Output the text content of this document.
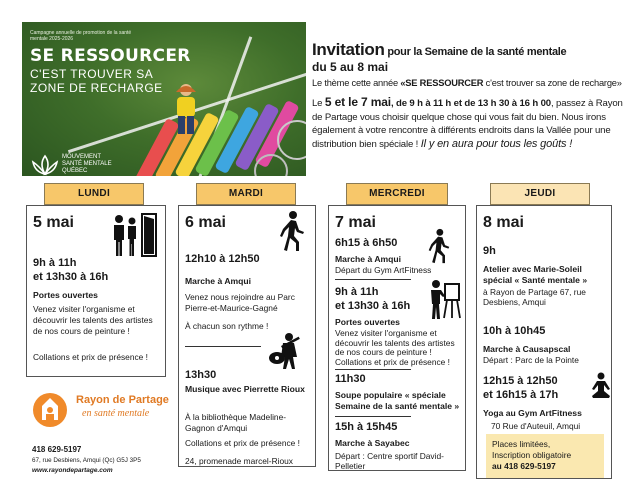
Campagne annuelle de promotion de la santé mentale 2025-2026
SE RESSOURCER
C'EST TROUVER SA
ZONE DE RECHARGE
MOUVEMENT SANTÉ MENTALE QUÉBEC
Invitation pour la Semaine de la santé mentale
du 5 au 8 mai
Le thème cette année «SE RESSOURCER c'est trouver sa zone de recharge»
Le 5 et le 7 mai, de 9 h à 11 h et de 13 h 30 à 16 h 00, passez à Rayon de Partage vous choisir quelque chose qui vous fait du bien. Nous irons également à votre rencontre à différents endroits dans la Vallée pour une distribution bien spéciale ! Il y en aura pour tous les goûts !
LUNDI
5 mai
9h à 11h
et 13h30 à 16h
Portes ouvertes
Venez visiter l'organisme et découvrir les talents des artistes de nos cours de peinture !
Collations et prix de présence !
MARDI
6 mai
12h10 à 12h50
Marche à Amqui
Venez nous rejoindre au Parc Pierre-et-Maurice-Gagné
À chacun son rythme !
13h30
Musique avec Pierrette Rioux
À la bibliothèque Madeline-Gagnon d'Amqui
Collations et prix de présence !
24, promenade marcel-Rioux
MERCREDI
7 mai
6h15 à 6h50
Marche à Amqui
Départ du Gym ArtFitness
9h à 11h
et 13h30 à 16h
Portes ouvertes
Venez visiter l'organisme et découvrir les talents des artistes de nos cours de peinture !
Collations et prix de présence !
11h30
Soupe populaire « spéciale Semaine de la santé mentale »
15h à 15h45
Marche à Sayabec
Départ : Centre sportif David-Pelletier
JEUDI
8 mai
9h
Atelier avec Marie-Soleil spécial « Santé mentale »
à Rayon de Partage 67, rue Desbiens, Amqui
10h à 10h45
Marche à Causapscal
Départ : Parc de la Pointe
12h15 à 12h50
et 16h15 à 17h
Yoga au Gym ArtFitness
70 Rue d'Auteuil, Amqui
Rayon de Partage
en santé mentale
418 629-5197
67, rue Desbiens, Amqui (Qc) G5J 3P5
www.rayondepartage.com
Places limitées,
Inscription obligatoire
au 418 629-5197
